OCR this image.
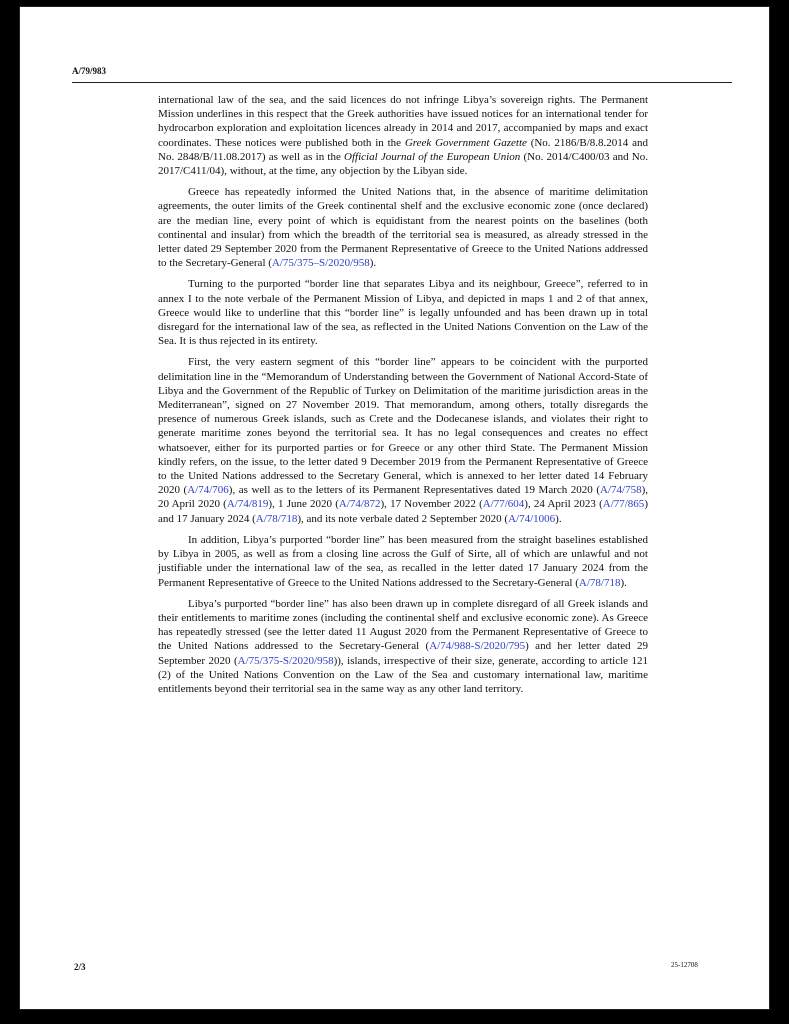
A/79/983

international law of the sea, and the said licences do not infringe Libya’s sovereign rights. The Permanent Mission underlines in this respect that the Greek authorities have issued notices for an international tender for hydrocarbon exploration and exploitation licences already in 2014 and 2017, accompanied by maps and exact coordinates. These notices were published both in the Greek Government Gazette (No. 2186/B/8.8.2014 and No. 2848/B/11.08.2017) as well as in the Official Journal of the European Union (No. 2014/C400/03 and No. 2017/C411/04), without, at the time, any objection by the Libyan side.

Greece has repeatedly informed the United Nations that, in the absence of maritime delimitation agreements, the outer limits of the Greek continental shelf and the exclusive economic zone (once declared) are the median line, every point of which is equidistant from the nearest points on the baselines (both continental and insular) from which the breadth of the territorial sea is measured, as already stressed in the letter dated 29 September 2020 from the Permanent Representative of Greece to the United Nations addressed to the Secretary-General (A/75/375–S/2020/958).

Turning to the purported “border line that separates Libya and its neighbour, Greece”, referred to in annex I to the note verbale of the Permanent Mission of Libya, and depicted in maps 1 and 2 of that annex, Greece would like to underline that this “border line” is legally unfounded and has been drawn up in total disregard for the international law of the sea, as reflected in the United Nations Convention on the Law of the Sea. It is thus rejected in its entirety.

First, the very eastern segment of this “border line” appears to be coincident with the purported delimitation line in the “Memorandum of Understanding between the Government of National Accord-State of Libya and the Government of the Republic of Turkey on Delimitation of the maritime jurisdiction areas in the Mediterranean”, signed on 27 November 2019. That memorandum, among others, totally disregards the presence of numerous Greek islands, such as Crete and the Dodecanese islands, and violates their right to generate maritime zones beyond the territorial sea. It has no legal consequences and creates no effect whatsoever, either for its purported parties or for Greece or any other third State. The Permanent Mission kindly refers, on the issue, to the letter dated 9 December 2019 from the Permanent Representative of Greece to the United Nations addressed to the Secretary General, which is annexed to her letter dated 14 February 2020 (A/74/706), as well as to the letters of its Permanent Representatives dated 19 March 2020 (A/74/758), 20 April 2020 (A/74/819), 1 June 2020 (A/74/872), 17 November 2022 (A/77/604), 24 April 2023 (A/77/865) and 17 January 2024 (A/78/718), and its note verbale dated 2 September 2020 (A/74/1006).

In addition, Libya’s purported “border line” has been measured from the straight baselines established by Libya in 2005, as well as from a closing line across the Gulf of Sirte, all of which are unlawful and not justifiable under the international law of the sea, as recalled in the letter dated 17 January 2024 from the Permanent Representative of Greece to the United Nations addressed to the Secretary-General (A/78/718).

Libya’s purported “border line” has also been drawn up in complete disregard of all Greek islands and their entitlements to maritime zones (including the continental shelf and exclusive economic zone). As Greece has repeatedly stressed (see the letter dated 11 August 2020 from the Permanent Representative of Greece to the United Nations addressed to the Secretary-General (A/74/988-S/2020/795) and her letter dated 29 September 2020 (A/75/375-S/2020/958)), islands, irrespective of their size, generate, according to article 121 (2) of the United Nations Convention on the Law of the Sea and customary international law, maritime entitlements beyond their territorial sea in the same way as any other land territory.

2/3	25-12708
